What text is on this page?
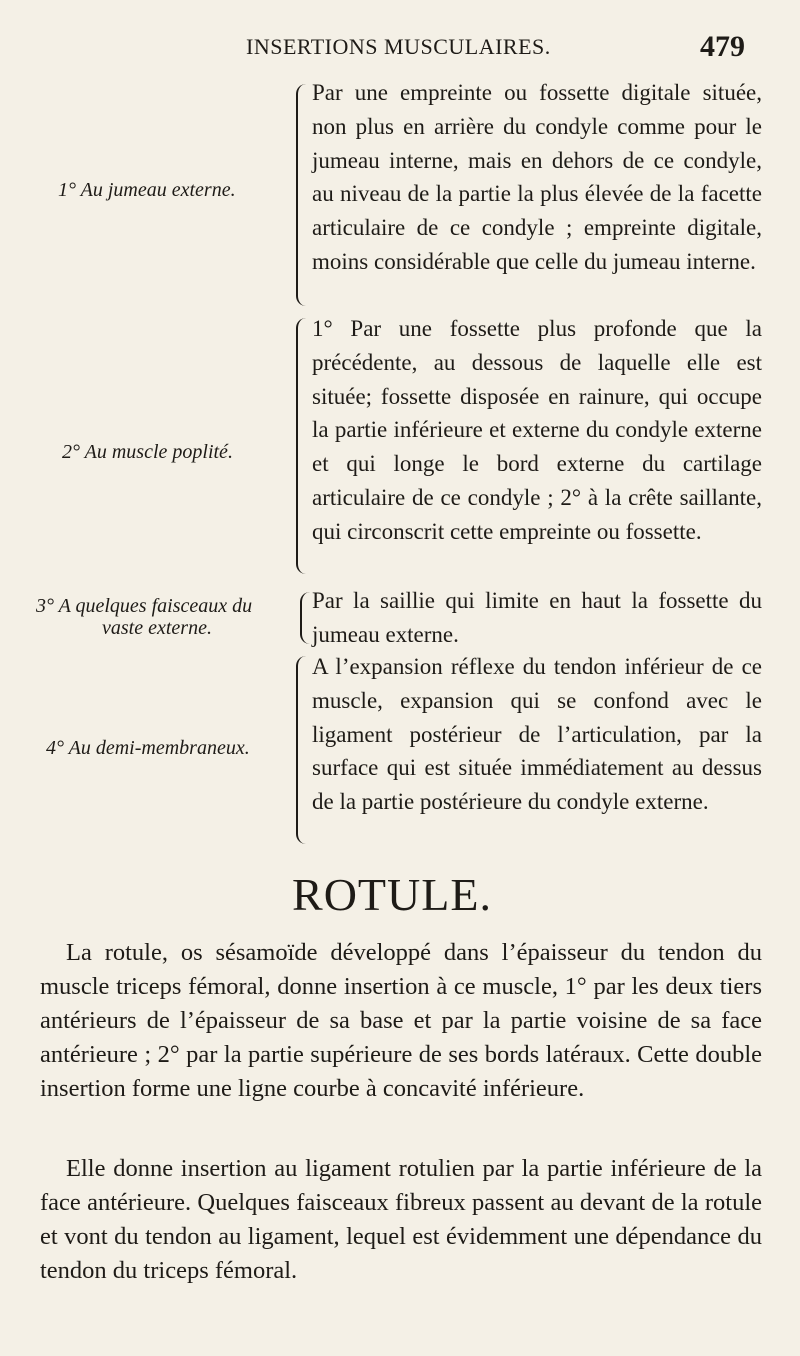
INSERTIONS MUSCULAIRES.	479
1° Au jumeau externe.
Par une empreinte ou fossette digitale située, non plus en arrière du condyle comme pour le jumeau interne, mais en dehors de ce condyle, au niveau de la partie la plus élevée de la facette articulaire de ce condyle ; empreinte digitale, moins considérable que celle du jumeau interne.
2° Au muscle poplité.
1° Par une fossette plus profonde que la précédente, au dessous de laquelle elle est située; fossette disposée en rainure, qui occupe la partie inférieure et externe du condyle externe et qui longe le bord externe du cartilage articulaire de ce condyle ; 2° à la crête saillante, qui circonscrit cette empreinte ou fossette.
3° A quelques faisceaux du
vaste externe.
Par la saillie qui limite en haut la fossette du jumeau externe.
4° Au demi-membraneux.
A l’expansion réflexe du tendon inférieur de ce muscle, expansion qui se confond avec le ligament postérieur de l’articulation, par la surface qui est située immédiatement au dessus de la partie postérieure du condyle externe.
ROTULE.
La rotule, os sésamoïde développé dans l’épaisseur du tendon du muscle triceps fémoral, donne insertion à ce muscle, 1° par les deux tiers antérieurs de l’épaisseur de sa base et par la partie voisine de sa face antérieure ; 2° par la partie supérieure de ses bords latéraux. Cette double insertion forme une ligne courbe à concavité inférieure.
Elle donne insertion au ligament rotulien par la partie inférieure de la face antérieure. Quelques faisceaux fibreux passent au devant de la rotule et vont du tendon au ligament, lequel est évidemment une dépendance du tendon du triceps fémoral.
